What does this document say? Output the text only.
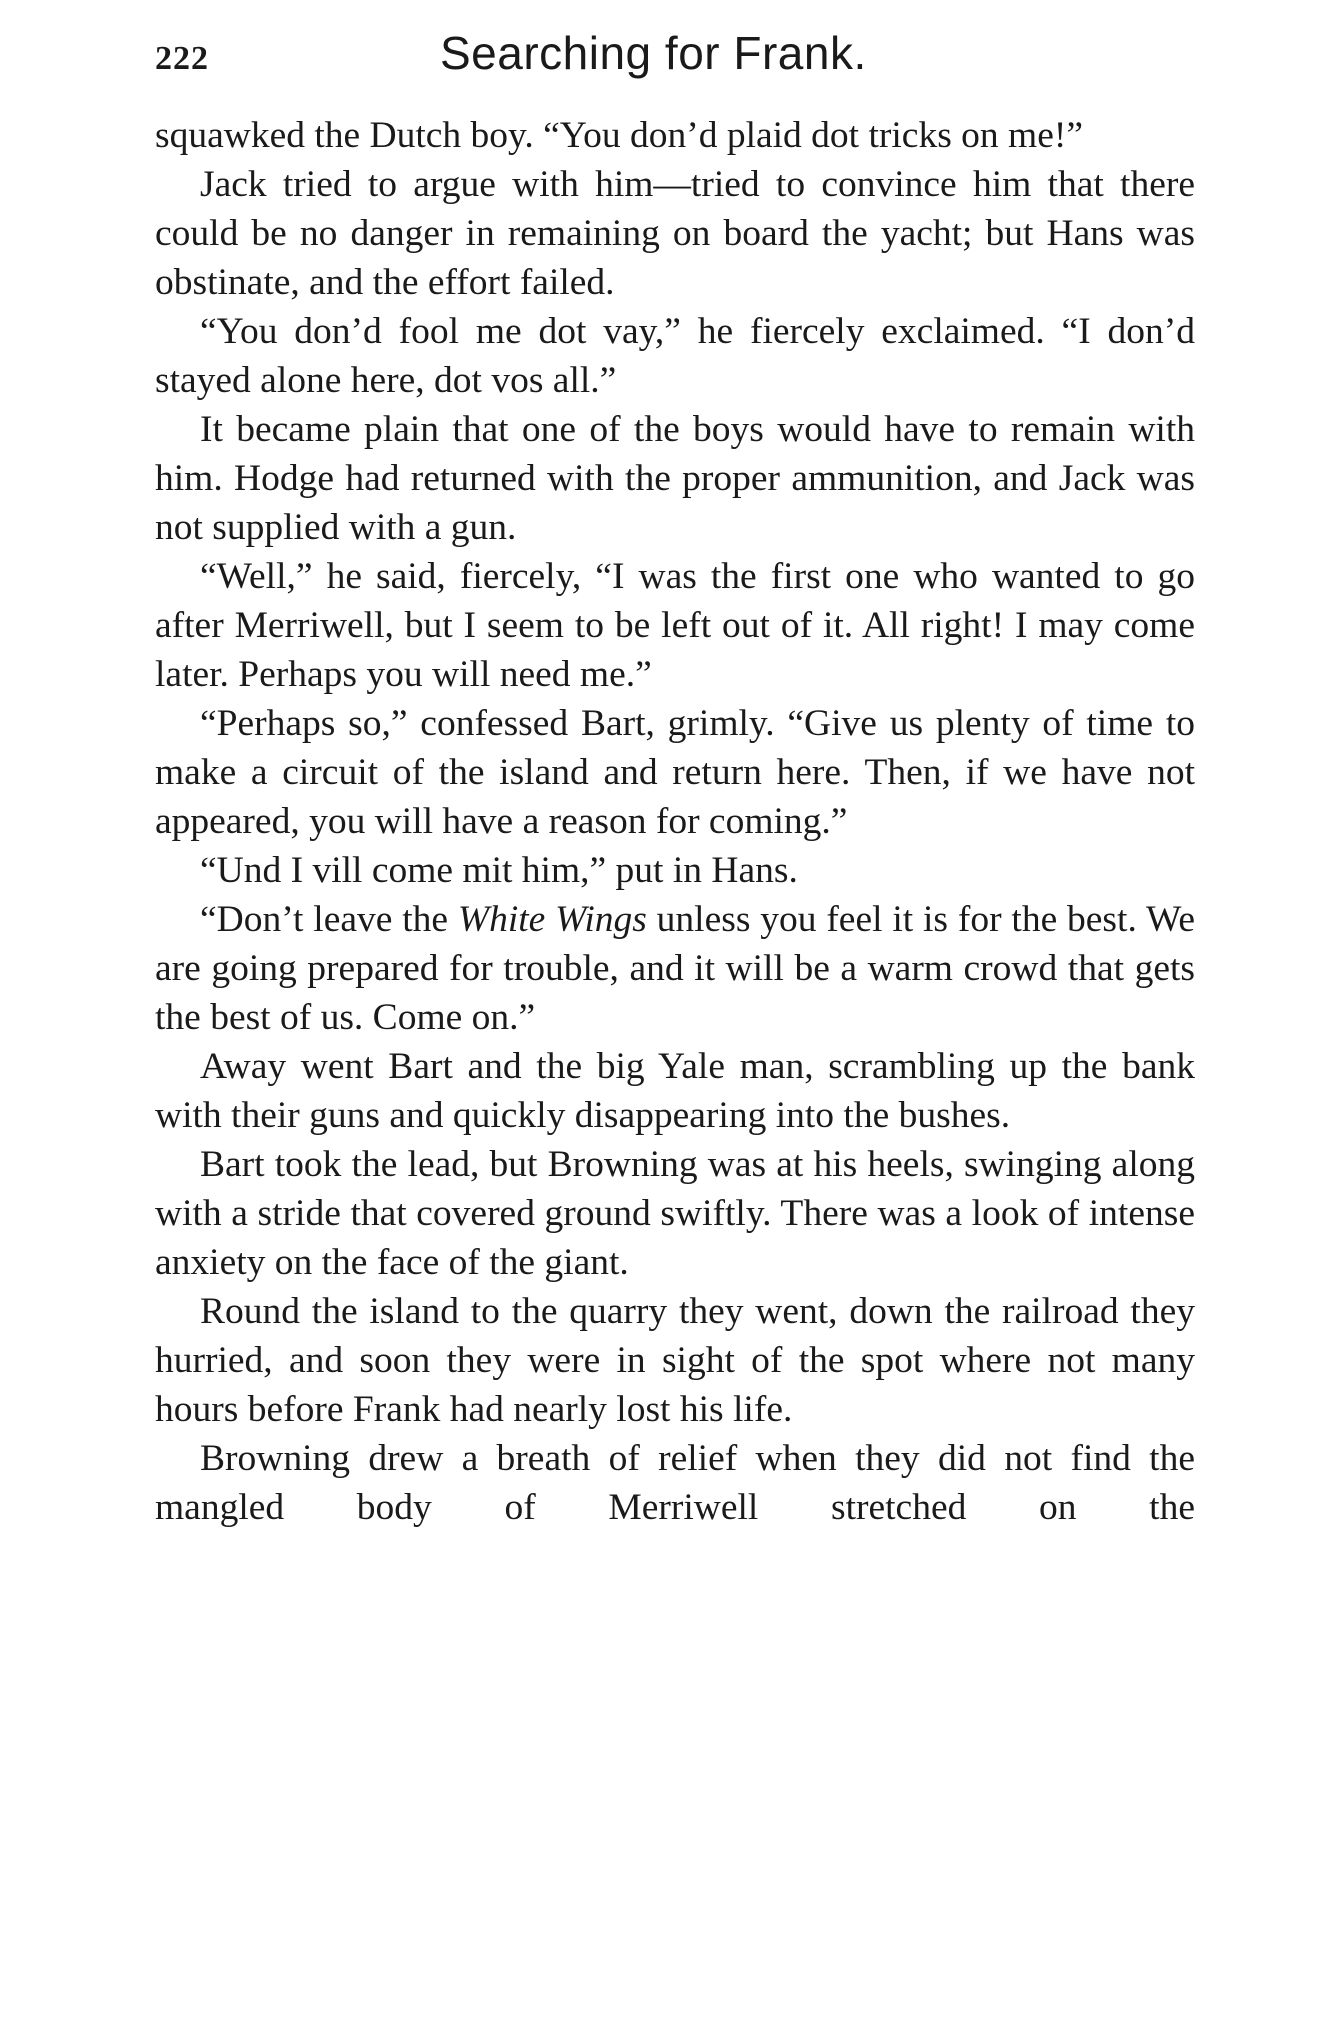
222	Searching for Frank.

squawked the Dutch boy. “You don’d plaid dot tricks on me!”

Jack tried to argue with him—tried to convince him that there could be no danger in remaining on board the yacht; but Hans was obstinate, and the effort failed.

“You don’d fool me dot vay,” he fiercely exclaimed. “I don’d stayed alone here, dot vos all.”

It became plain that one of the boys would have to remain with him. Hodge had returned with the proper ammunition, and Jack was not supplied with a gun.

“Well,” he said, fiercely, “I was the first one who wanted to go after Merriwell, but I seem to be left out of it. All right! I may come later. Perhaps you will need me.”

“Perhaps so,” confessed Bart, grimly. “Give us plenty of time to make a circuit of the island and return here. Then, if we have not appeared, you will have a reason for coming.”

“Und I vill come mit him,” put in Hans.

“Don’t leave the White Wings unless you feel it is for the best. We are going prepared for trouble, and it will be a warm crowd that gets the best of us. Come on.”

Away went Bart and the big Yale man, scrambling up the bank with their guns and quickly disappearing into the bushes.

Bart took the lead, but Browning was at his heels, swinging along with a stride that covered ground swiftly. There was a look of intense anxiety on the face of the giant.

Round the island to the quarry they went, down the railroad they hurried, and soon they were in sight of the spot where not many hours before Frank had nearly lost his life.

Browning drew a breath of relief when they did not find the mangled body of Merriwell stretched on the
